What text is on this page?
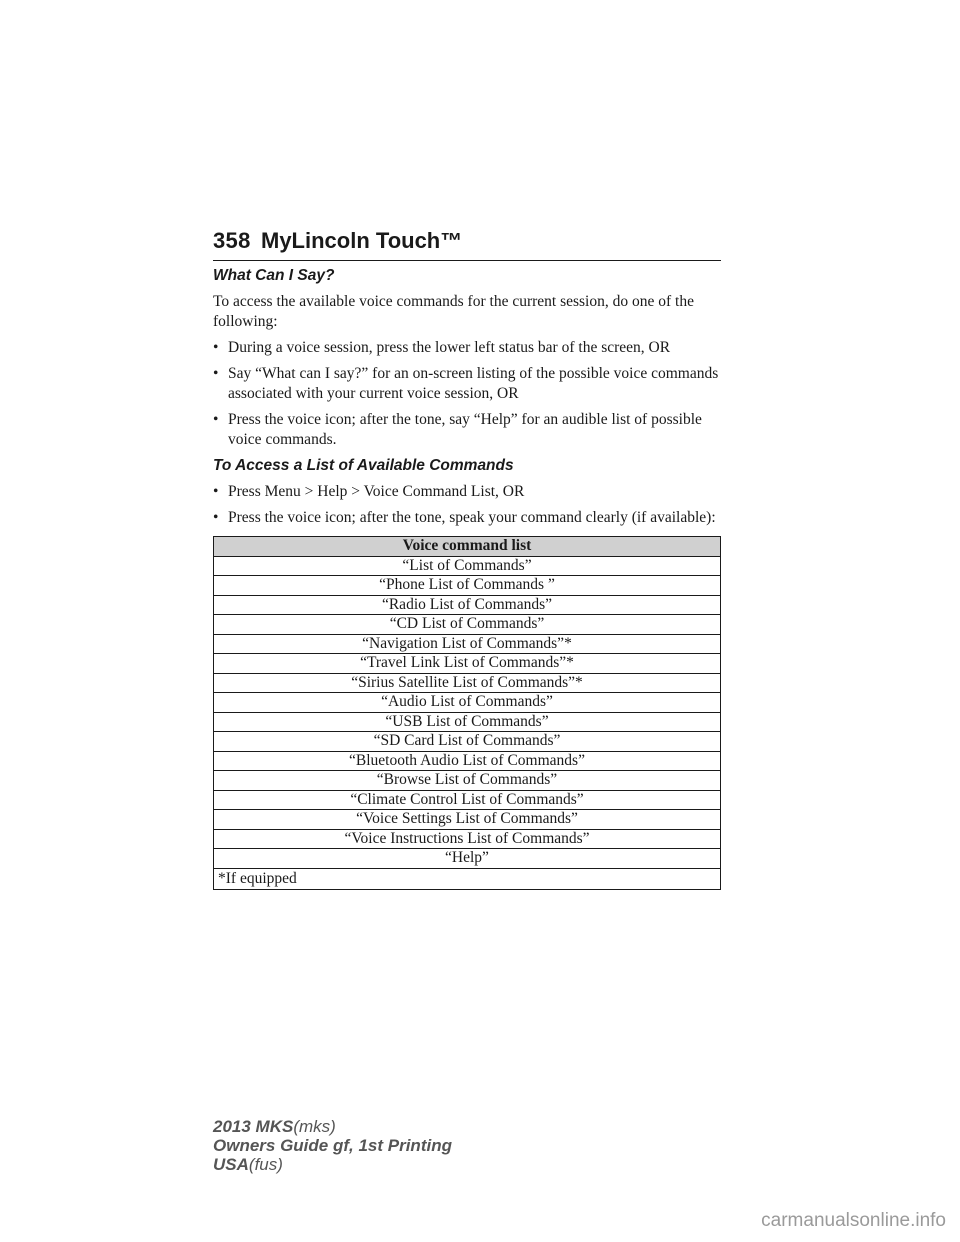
358 MyLincoln Touch™
What Can I Say?
To access the available voice commands for the current session, do one of the following:
• During a voice session, press the lower left status bar of the screen, OR
• Say “What can I say?” for an on-screen listing of the possible voice commands associated with your current voice session, OR
• Press the voice icon; after the tone, say “Help” for an audible list of possible voice commands.
To Access a List of Available Commands
• Press Menu > Help > Voice Command List, OR
• Press the voice icon; after the tone, speak your command clearly (if available):
Voice command list
“List of Commands”
“Phone List of Commands ”
“Radio List of Commands”
“CD List of Commands”
“Navigation List of Commands”*
“Travel Link List of Commands”*
“Sirius Satellite List of Commands”*
“Audio List of Commands”
“USB List of Commands”
“SD Card List of Commands”
“Bluetooth Audio List of Commands”
“Browse List of Commands”
“Climate Control List of Commands”
“Voice Settings List of Commands”
“Voice Instructions List of Commands”
“Help”
*If equipped
2013 MKS(mks)
Owners Guide gf, 1st Printing
USA(fus)
carmanualsonline.info
